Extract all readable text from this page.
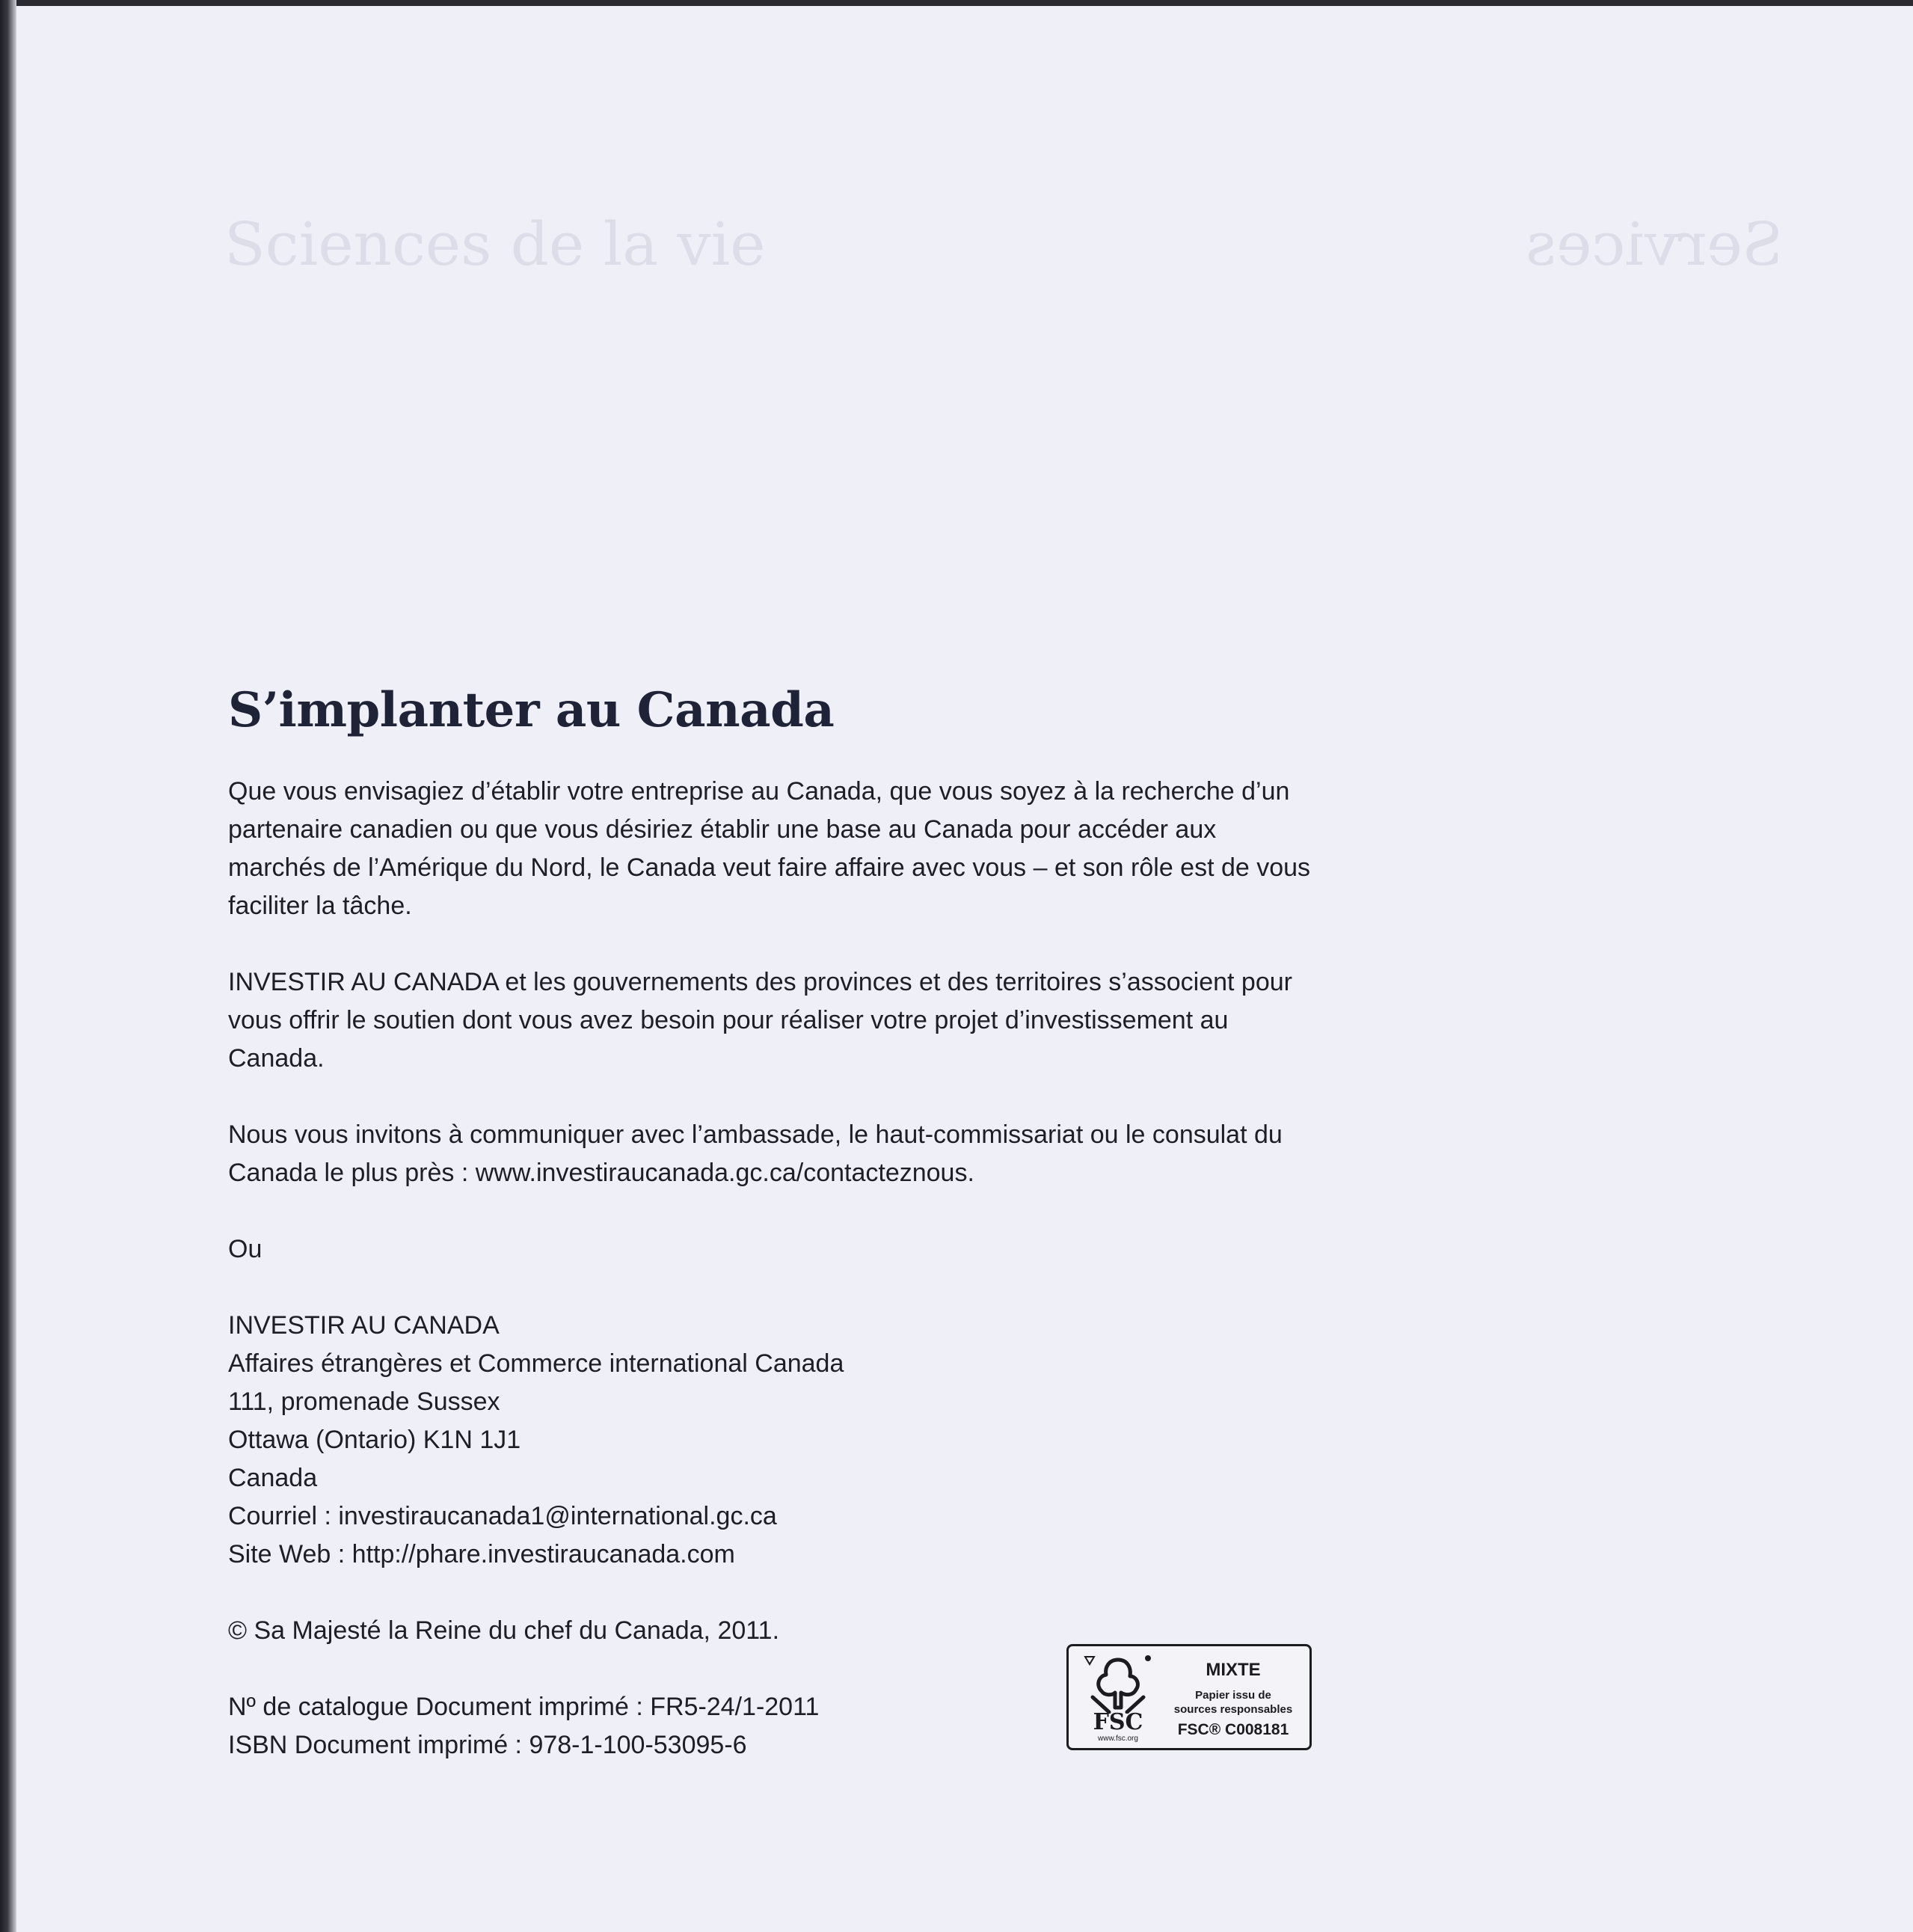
Sciences de la vie	Services
S’implanter au Canada

Que vous envisagiez d’établir votre entreprise au Canada, que vous soyez à la recherche d’un partenaire canadien ou que vous désiriez établir une base au Canada pour accéder aux marchés de l’Amérique du Nord, le Canada veut faire affaire avec vous – et son rôle est de vous faciliter la tâche.

INVESTIR AU CANADA et les gouvernements des provinces et des territoires s’associent pour vous offrir le soutien dont vous avez besoin pour réaliser votre projet d’investissement au Canada.

Nous vous invitons à communiquer avec l’ambassade, le haut-commissariat ou le consulat du Canada le plus près : www.investiraucanada.gc.ca/contacteznous.

Ou

INVESTIR AU CANADA
Affaires étrangères et Commerce international Canada
111, promenade Sussex
Ottawa (Ontario) K1N 1J1
Canada
Courriel : investiraucanada1@international.gc.ca
Site Web : http://phare.investiraucanada.com

© Sa Majesté la Reine du chef du Canada, 2011.

Nº de catalogue Document imprimé : FR5-24/1-2011
ISBN Document imprimé : 978-1-100-53095-6
FSC
www.fsc.org
MIXTE
Papier issu de
sources responsables
FSC® C008181
